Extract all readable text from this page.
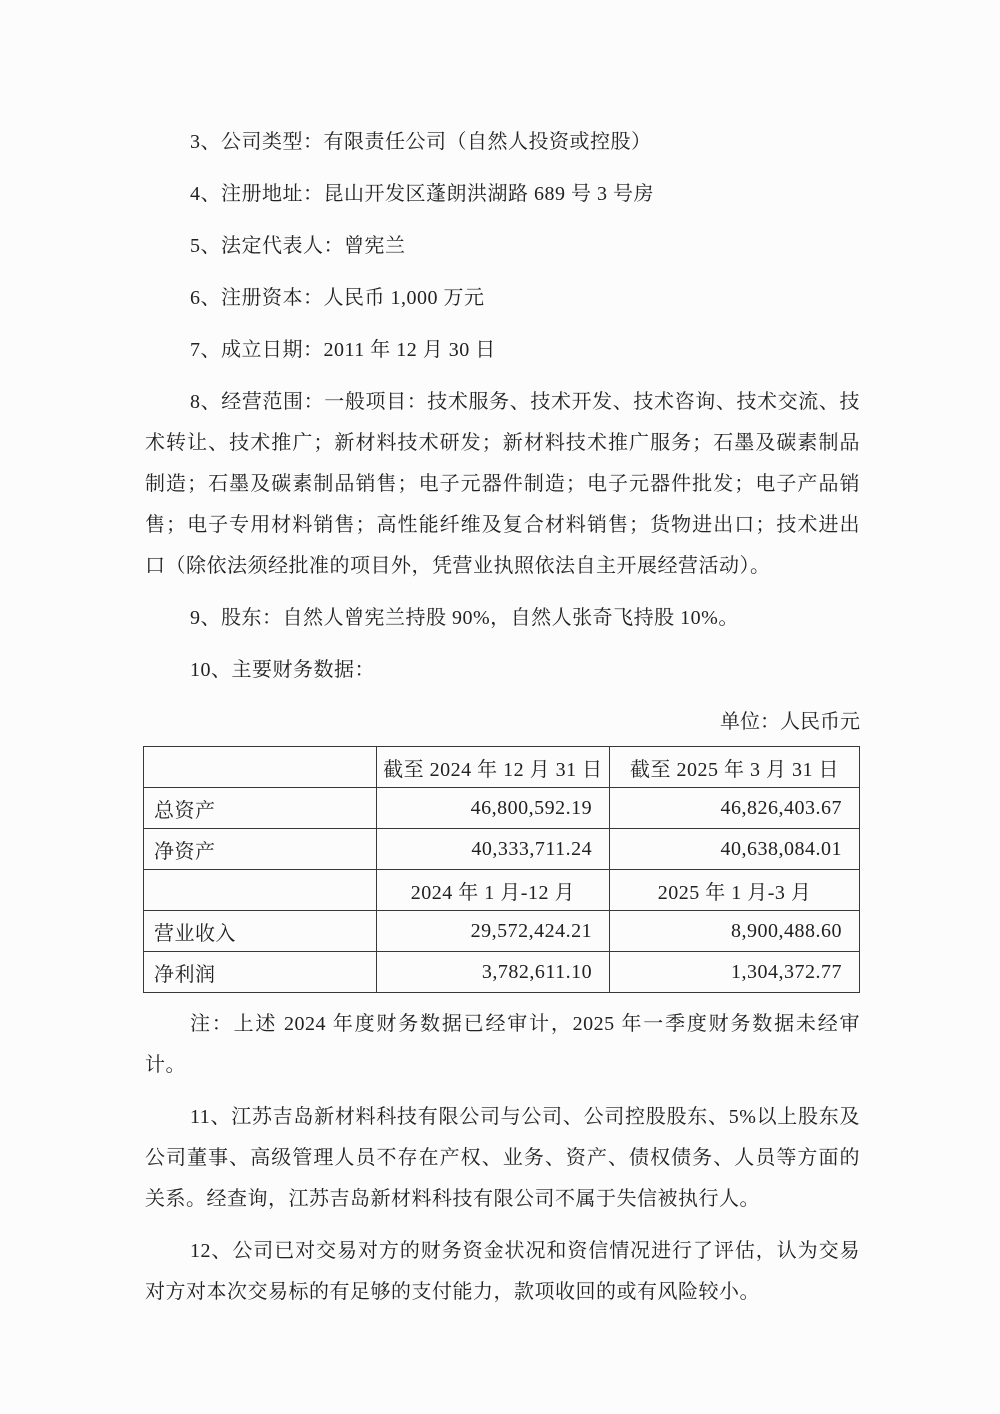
3、公司类型：有限责任公司（自然人投资或控股）

4、注册地址：昆山开发区蓬朗洪湖路 689 号 3 号房

5、法定代表人：曾宪兰

6、注册资本：人民币 1,000 万元

7、成立日期：2011 年 12 月 30 日

8、经营范围：一般项目：技术服务、技术开发、技术咨询、技术交流、技术转让、技术推广；新材料技术研发；新材料技术推广服务；石墨及碳素制品制造；石墨及碳素制品销售；电子元器件制造；电子元器件批发；电子产品销售；电子专用材料销售；高性能纤维及复合材料销售；货物进出口；技术进出口（除依法须经批准的项目外，凭营业执照依法自主开展经营活动）。

9、股东：自然人曾宪兰持股 90%，自然人张奇飞持股 10%。

10、主要财务数据：

单位：人民币元

	截至 2024 年 12 月 31 日	截至 2025 年 3 月 31 日
总资产	46,800,592.19	46,826,403.67
净资产	40,333,711.24	40,638,084.01
	2024 年 1 月-12 月	2025 年 1 月-3 月
营业收入	29,572,424.21	8,900,488.60
净利润	3,782,611.10	1,304,372.77

注：上述 2024 年度财务数据已经审计，2025 年一季度财务数据未经审计。

11、江苏吉岛新材料科技有限公司与公司、公司控股股东、5%以上股东及公司董事、高级管理人员不存在产权、业务、资产、债权债务、人员等方面的关系。经查询，江苏吉岛新材料科技有限公司不属于失信被执行人。

12、公司已对交易对方的财务资金状况和资信情况进行了评估，认为交易对方对本次交易标的有足够的支付能力，款项收回的或有风险较小。
